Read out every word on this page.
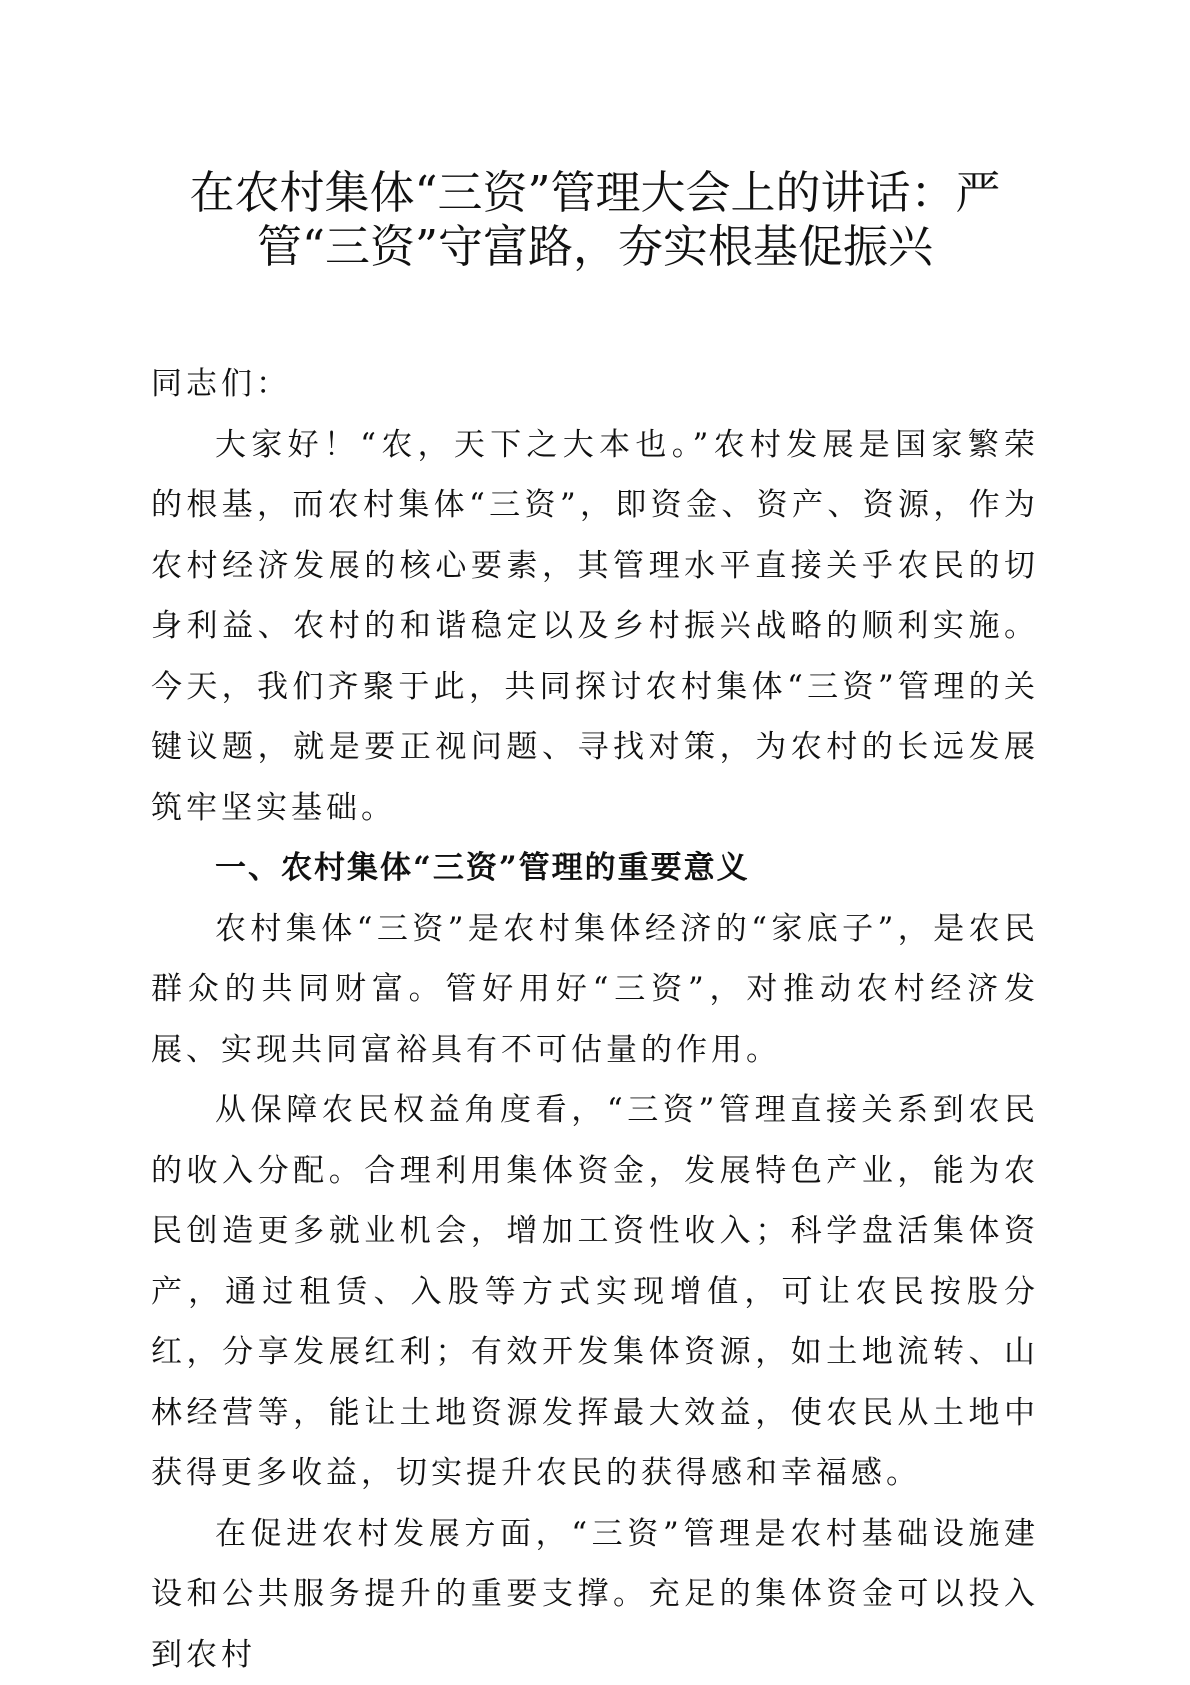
在农村集体“三资”管理大会上的讲话：严管“三资”守富路，夯实根基促振兴

同志们：

大家好！“农，天下之大本也。”农村发展是国家繁荣的根基，而农村集体“三资”，即资金、资产、资源，作为农村经济发展的核心要素，其管理水平直接关乎农民的切身利益、农村的和谐稳定以及乡村振兴战略的顺利实施。今天，我们齐聚于此，共同探讨农村集体“三资”管理的关键议题，就是要正视问题、寻找对策，为农村的长远发展筑牢坚实基础。

一、农村集体“三资”管理的重要意义

农村集体“三资”是农村集体经济的“家底子”，是农民群众的共同财富。管好用好“三资”，对推动农村经济发展、实现共同富裕具有不可估量的作用。

从保障农民权益角度看，“三资”管理直接关系到农民的收入分配。合理利用集体资金，发展特色产业，能为农民创造更多就业机会，增加工资性收入；科学盘活集体资产，通过租赁、入股等方式实现增值，可让农民按股分红，分享发展红利；有效开发集体资源，如土地流转、山林经营等，能让土地资源发挥最大效益，使农民从土地中获得更多收益，切实提升农民的获得感和幸福感。

在促进农村发展方面，“三资”管理是农村基础设施建设和公共服务提升的重要支撑。充足的集体资金可以投入到农村
